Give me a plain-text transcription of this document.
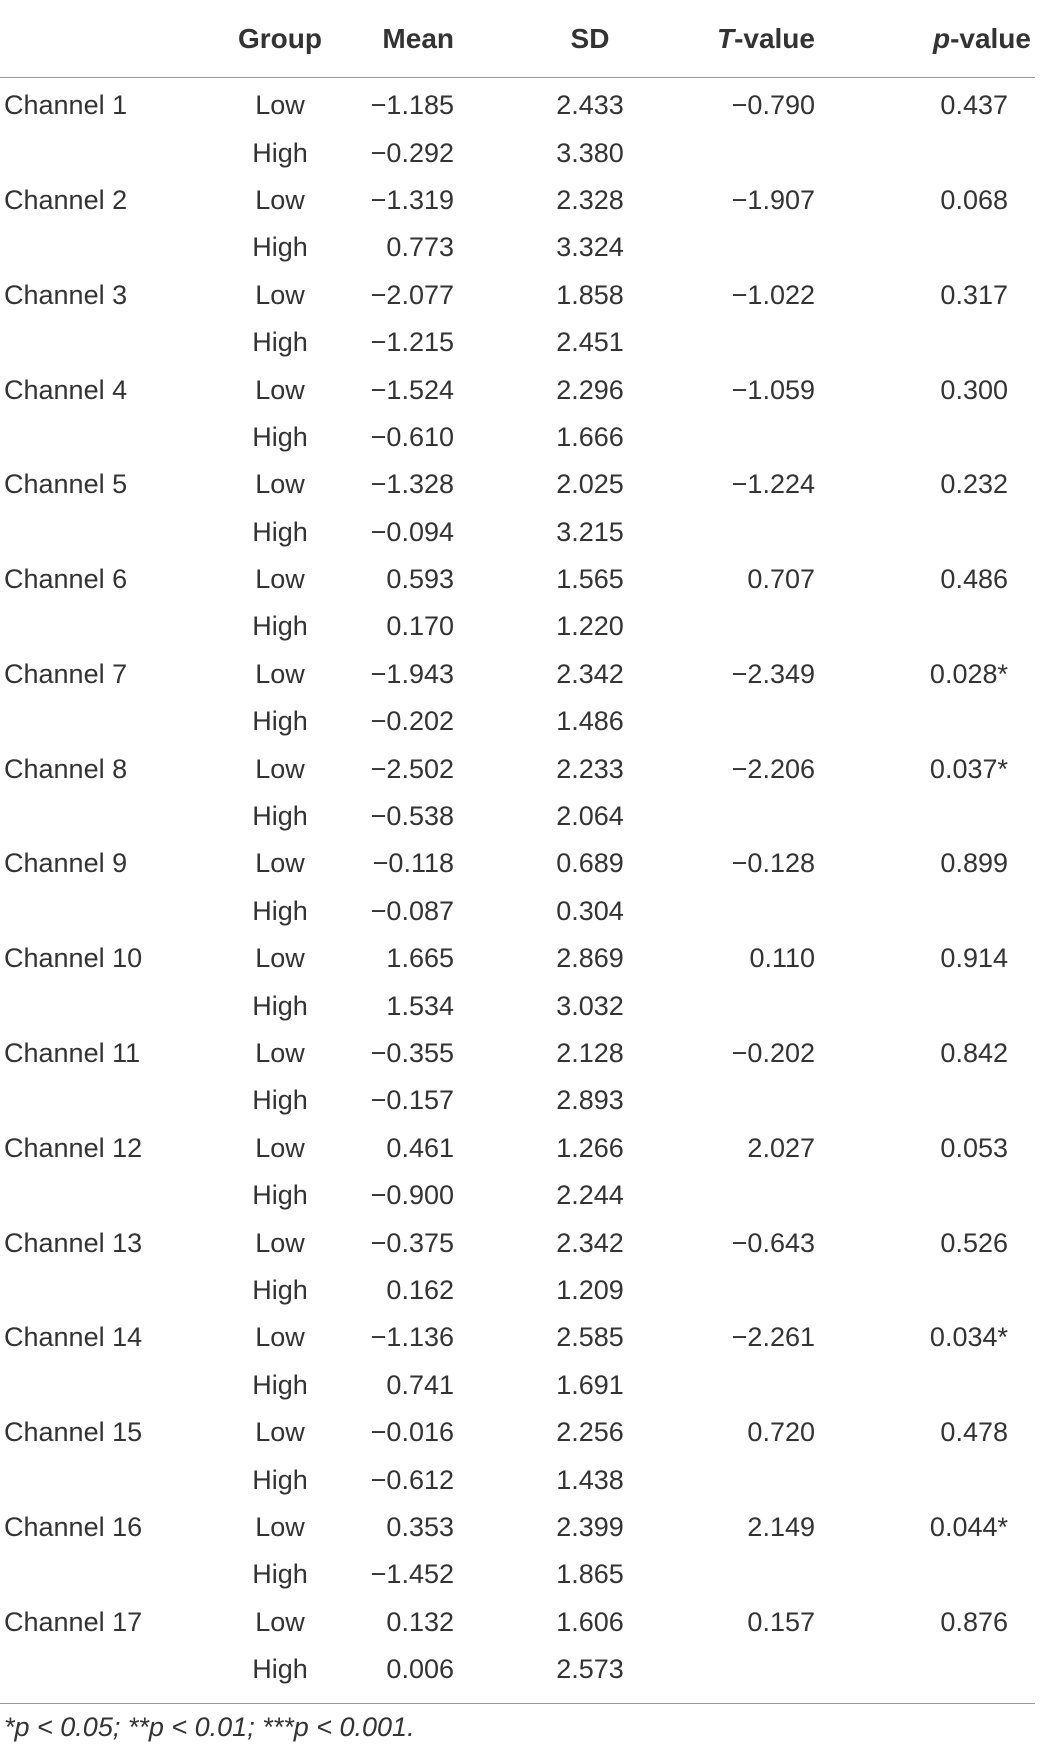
	Group	Mean	SD	T-value	p-value
Channel 1	Low	−1.185	2.433	−0.790	0.437
	High	−0.292	3.380		
Channel 2	Low	−1.319	2.328	−1.907	0.068
	High	0.773	3.324		
Channel 3	Low	−2.077	1.858	−1.022	0.317
	High	−1.215	2.451		
Channel 4	Low	−1.524	2.296	−1.059	0.300
	High	−0.610	1.666		
Channel 5	Low	−1.328	2.025	−1.224	0.232
	High	−0.094	3.215		
Channel 6	Low	0.593	1.565	0.707	0.486
	High	0.170	1.220		
Channel 7	Low	−1.943	2.342	−2.349	0.028*
	High	−0.202	1.486		
Channel 8	Low	−2.502	2.233	−2.206	0.037*
	High	−0.538	2.064		
Channel 9	Low	−0.118	0.689	−0.128	0.899
	High	−0.087	0.304		
Channel 10	Low	1.665	2.869	0.110	0.914
	High	1.534	3.032		
Channel 11	Low	−0.355	2.128	−0.202	0.842
	High	−0.157	2.893		
Channel 12	Low	0.461	1.266	2.027	0.053
	High	−0.900	2.244		
Channel 13	Low	−0.375	2.342	−0.643	0.526
	High	0.162	1.209		
Channel 14	Low	−1.136	2.585	−2.261	0.034*
	High	0.741	1.691		
Channel 15	Low	−0.016	2.256	0.720	0.478
	High	−0.612	1.438		
Channel 16	Low	0.353	2.399	2.149	0.044*
	High	−1.452	1.865		
Channel 17	Low	0.132	1.606	0.157	0.876
	High	0.006	2.573		
*p < 0.05; **p < 0.01; ***p < 0.001.
